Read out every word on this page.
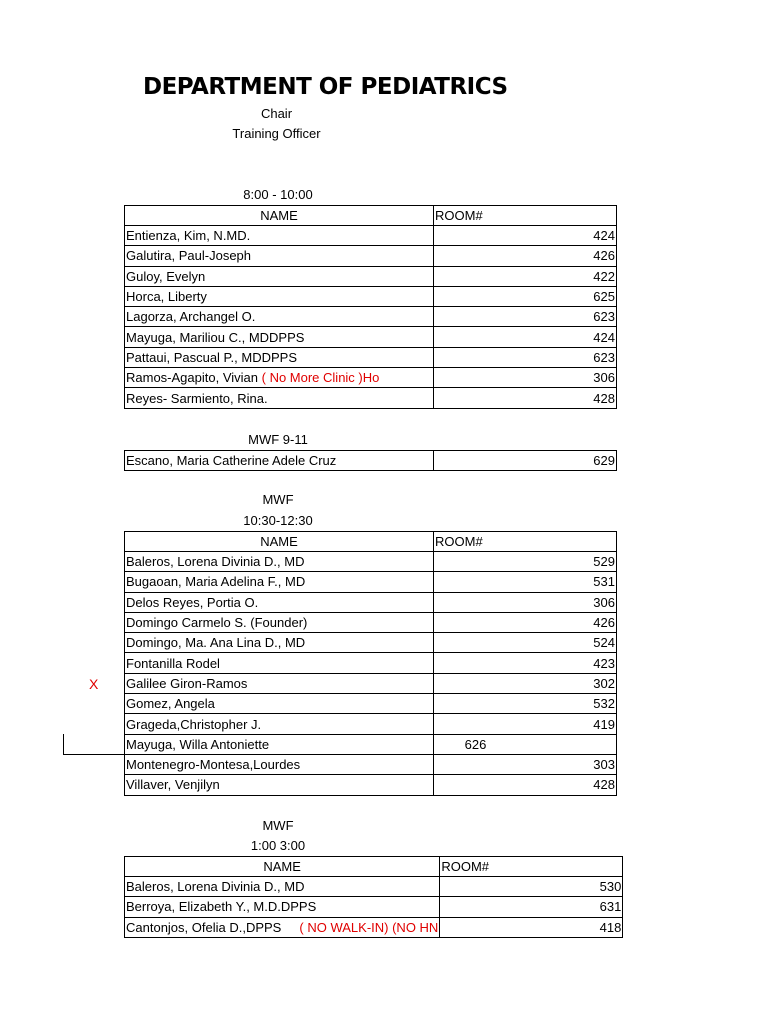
DEPARTMENT OF PEDIATRICS
Chair
Training Officer
8:00 - 10:00
NAME	ROOM#
Entienza, Kim, N.MD.	424
Galutira, Paul-Joseph	426
Guloy, Evelyn	422
Horca, Liberty	625
Lagorza, Archangel O.	623
Mayuga, Mariliou C., MDDPPS	424
Pattaui, Pascual P., MDDPPS	623
Ramos-Agapito, Vivian ( No More Clinic )Ho	306
Reyes- Sarmiento, Rina.	428
MWF 9-11
Escano, Maria Catherine Adele Cruz	629
MWF
10:30-12:30
NAME	ROOM#
Baleros, Lorena Divinia D., MD	529
Bugaoan, Maria Adelina F., MD	531
Delos Reyes, Portia O.	306
Domingo Carmelo S. (Founder)	426
Domingo, Ma. Ana Lina D., MD	524
Fontanilla Rodel	423
Galilee Giron-Ramos	302
Gomez, Angela	532
Grageda,Christopher J.	419
Mayuga, Willa Antoniette	626
Montenegro-Montesa,Lourdes	303
Villaver, Venjilyn	428
X
MWF
1:00 3:00
NAME	ROOM#
Baleros, Lorena Divinia D., MD	530
Berroya, Elizabeth Y., M.D.DPPS	631
Cantonjos, Ofelia D.,DPPS ( NO WALK-IN) (NO HN	418
